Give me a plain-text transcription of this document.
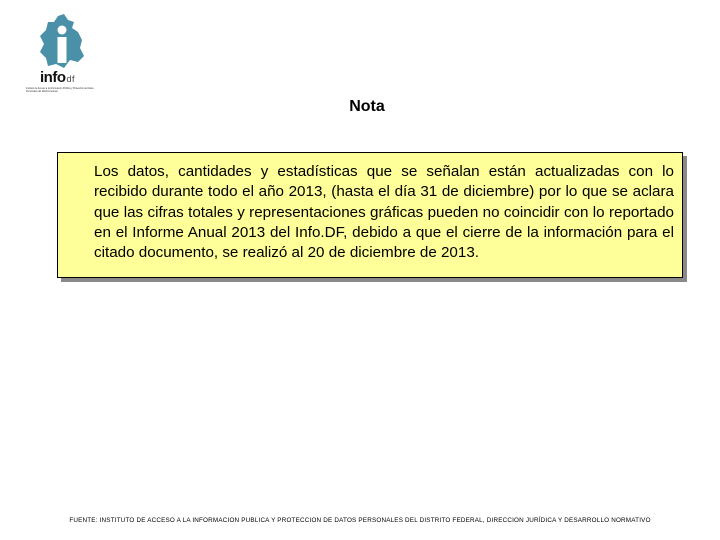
infodf
Instituto de Acceso a la Información Pública y Protección de Datos Personales del Distrito Federal
Nota

Los datos, cantidades y estadísticas que se señalan están actualizadas con lo recibido durante todo el año 2013, (hasta el día 31 de diciembre) por lo que se aclara que las cifras totales y representaciones gráficas pueden no coincidir con lo reportado en el Informe Anual 2013 del Info.DF, debido a que el cierre de la información para el citado documento, se realizó al 20 de diciembre de 2013.

FUENTE: INSTITUTO DE ACCESO A LA INFORMACION PUBLICA Y PROTECCION DE DATOS PERSONALES DEL DISTRITO FEDERAL, DIRECCION JURÍDICA Y DESARROLLO NORMATIVO
